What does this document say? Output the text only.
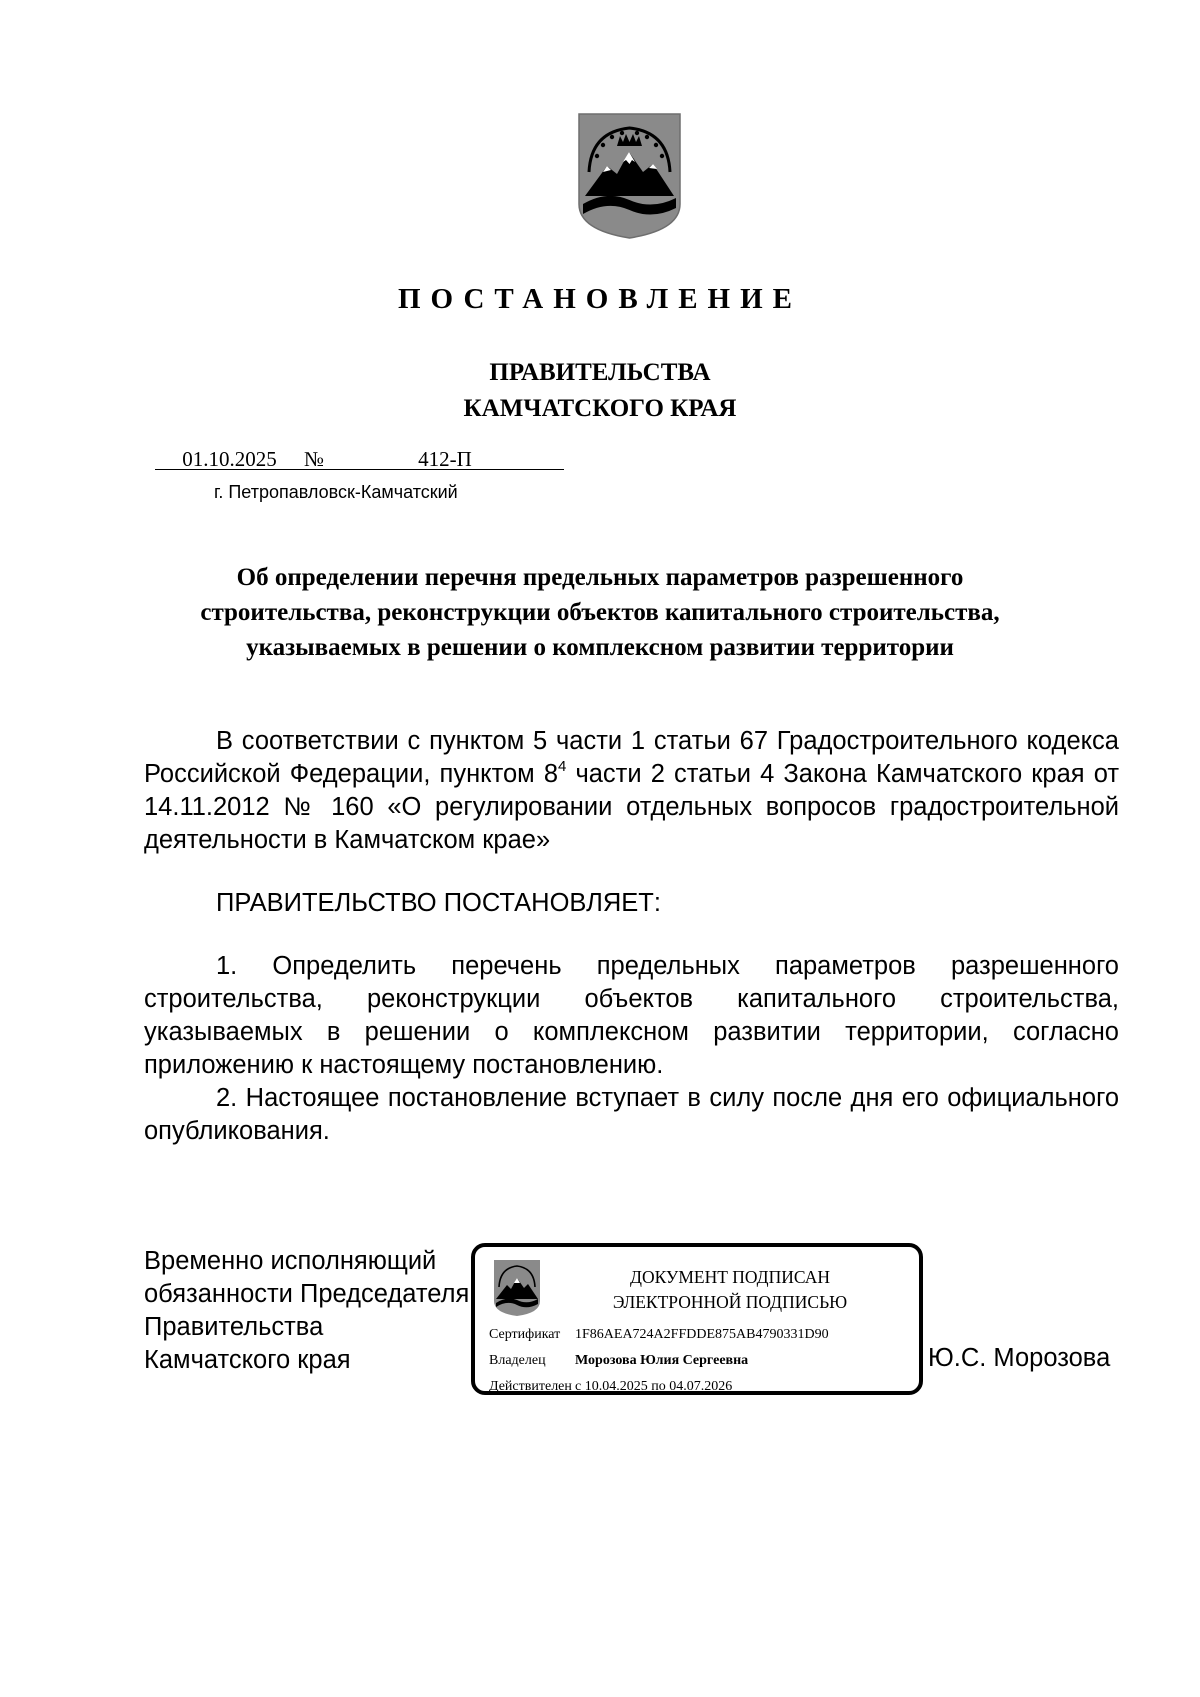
ПОСТАНОВЛЕНИЕ
ПРАВИТЕЛЬСТВА
КАМЧАТСКОГО КРАЯ
01.10.2025 №	412-П
г. Петропавловск-Камчатский
Об определении перечня предельных параметров разрешенного
строительства, реконструкции объектов капитального строительства,
указываемых в решении о комплексном развитии территории

В соответствии с пунктом 5 части 1 статьи 67 Градостроительного кодекса Российской Федерации, пунктом $8^4$ части 2 статьи 4 Закона Камчатского края от 14.11.2012 № 160 «О регулировании отдельных вопросов градостроительной деятельности в Камчатском крае»

ПРАВИТЕЛЬСТВО ПОСТАНОВЛЯЕТ:

1. Определить перечень предельных параметров разрешенного строительства, реконструкции объектов капитального строительства, указываемых в решении о комплексном развитии территории, согласно приложению к настоящему постановлению.

2. Настоящее постановление вступает в силу после дня его официального опубликования.

Временно исполняющий
обязанности Председателя
Правительства
Камчатского края
ДОКУМЕНТ ПОДПИСАН
ЭЛЕКТРОННОЙ ПОДПИСЬЮ
Сертификат 1F86AEA724A2FFDDE875AB4790331D90
Владелец Морозова Юлия Сергеевна
Действителен с 10.04.2025 по 04.07.2026
Ю.С. Морозова
